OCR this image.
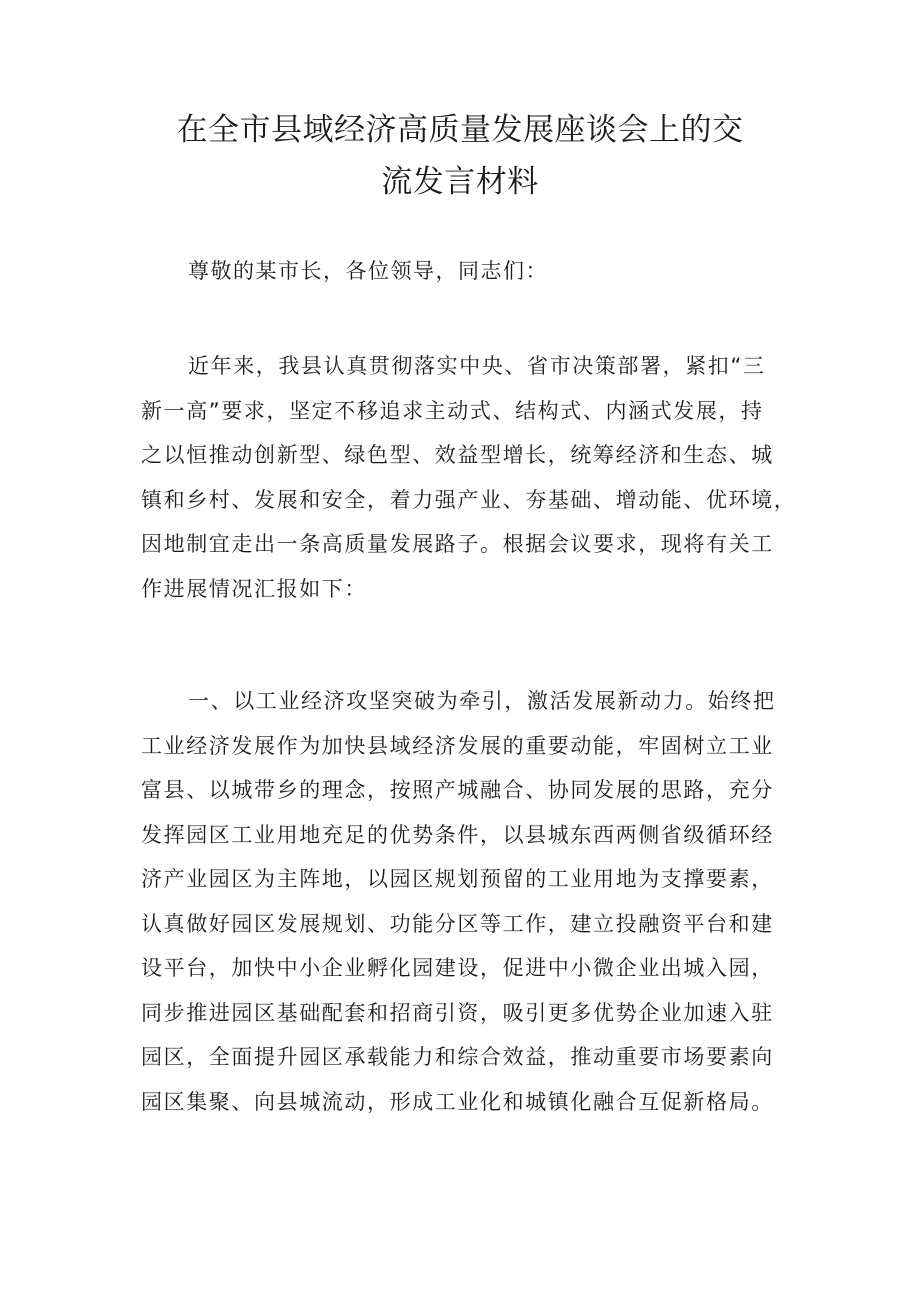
在全市县域经济高质量发展座谈会上的交
流发言材料

尊敬的某市长，各位领导，同志们：

近年来，我县认真贯彻落实中央、省市决策部署，紧扣“三
新一高”要求，坚定不移追求主动式、结构式、内涵式发展，持
之以恒推动创新型、绿色型、效益型增长，统筹经济和生态、城
镇和乡村、发展和安全，着力强产业、夯基础、增动能、优环境，
因地制宜走出一条高质量发展路子。根据会议要求，现将有关工
作进展情况汇报如下：
一、以工业经济攻坚突破为牵引，激活发展新动力。始终把
工业经济发展作为加快县域经济发展的重要动能，牢固树立工业
富县、以城带乡的理念，按照产城融合、协同发展的思路，充分
发挥园区工业用地充足的优势条件，以县城东西两侧省级循环经
济产业园区为主阵地，以园区规划预留的工业用地为支撑要素，
认真做好园区发展规划、功能分区等工作，建立投融资平台和建
设平台，加快中小企业孵化园建设，促进中小微企业出城入园，
同步推进园区基础配套和招商引资，吸引更多优势企业加速入驻
园区，全面提升园区承载能力和综合效益，推动重要市场要素向
园区集聚、向县城流动，形成工业化和城镇化融合互促新格局。
